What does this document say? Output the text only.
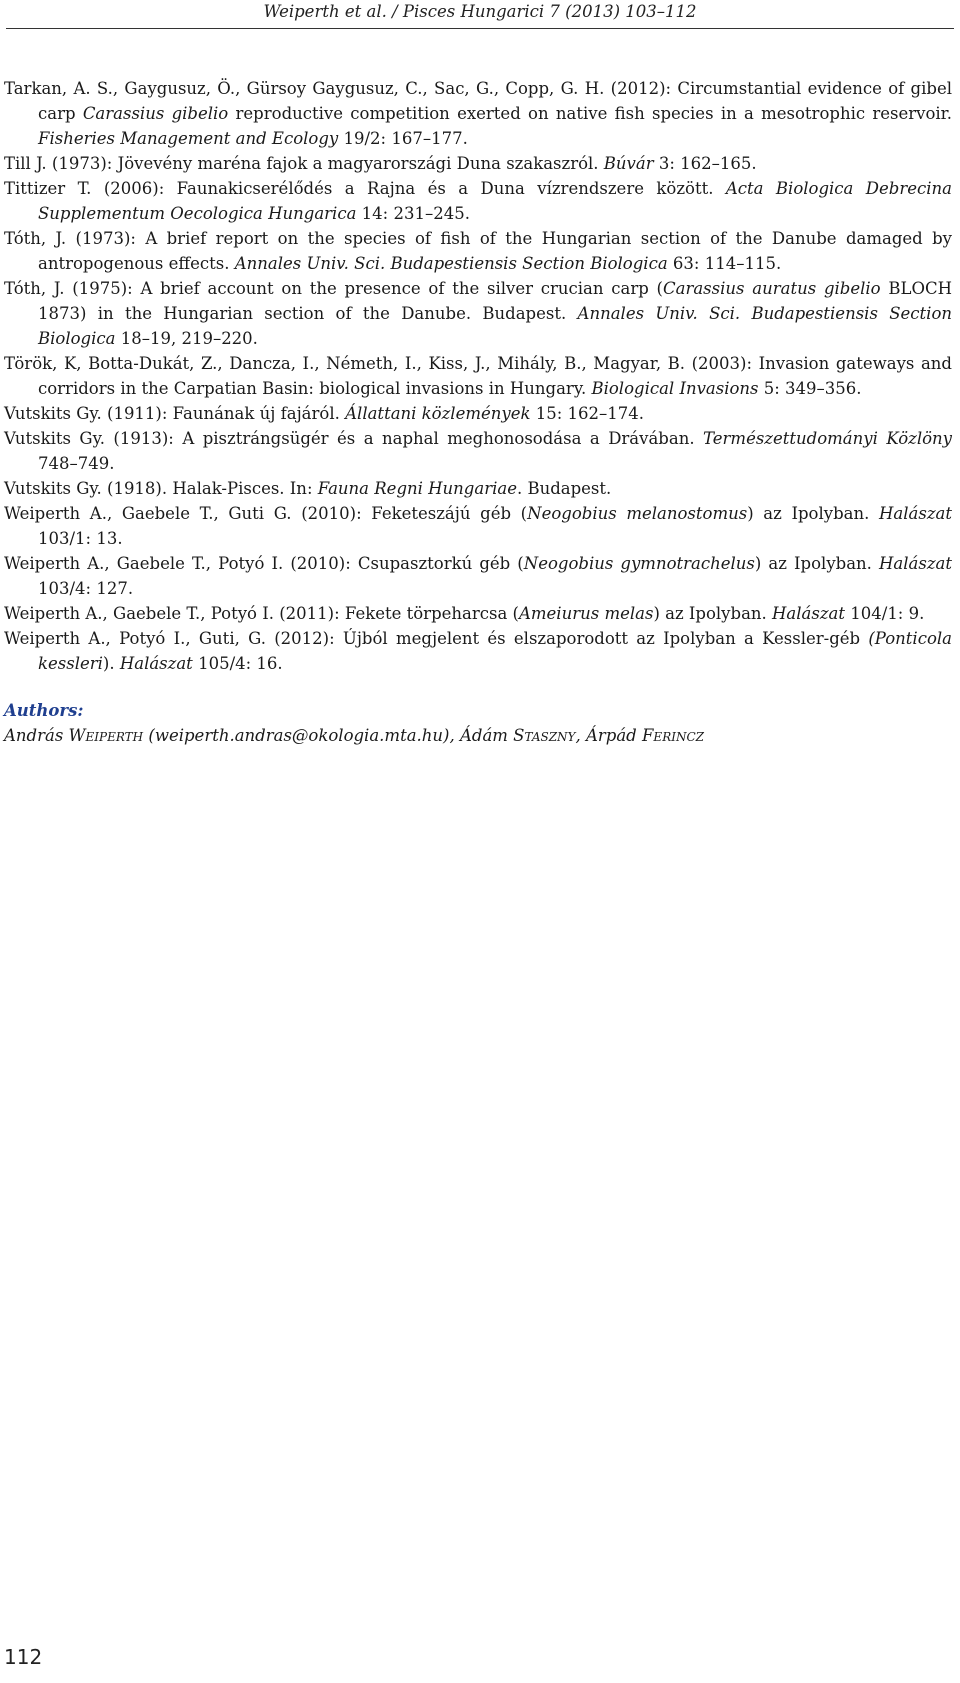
Weiperth et al. / Pisces Hungarici 7 (2013) 103–112
Tarkan, A. S., Gaygusuz, Ö., Gürsoy Gaygusuz, C., Sac, G., Copp, G. H. (2012): Circumstantial evidence of gibel carp Carassius gibelio reproductive competition exerted on native fish species in a mesotrophic reservoir. Fisheries Management and Ecology 19/2: 167–177.
Till J. (1973): Jövevény maréna fajok a magyarországi Duna szakaszról. Búvár 3: 162–165.
Tittizer T. (2006): Faunakicserélődés a Rajna és a Duna vízrendszere között. Acta Biologica Debrecina Supplementum Oecologica Hungarica 14: 231–245.
Tóth, J. (1973): A brief report on the species of fish of the Hungarian section of the Danube damaged by antropogenous effects. Annales Univ. Sci. Budapestiensis Section Biologica 63: 114–115.
Tóth, J. (1975): A brief account on the presence of the silver crucian carp (Carassius auratus gibelio BLOCH 1873) in the Hungarian section of the Danube. Budapest. Annales Univ. Sci. Budapestiensis Section Biologica 18–19, 219–220.
Török, K, Botta-Dukát, Z., Dancza, I., Németh, I., Kiss, J., Mihály, B., Magyar, B. (2003): Invasion gateways and corridors in the Carpatian Basin: biological invasions in Hungary. Biological Invasions 5: 349–356.
Vutskits Gy. (1911): Faunának új fajáról. Állattani közlemények 15: 162–174.
Vutskits Gy. (1913): A pisztrángsügér és a naphal meghonosodása a Drávában. Természettudományi Közlöny 748–749.
Vutskits Gy. (1918). Halak-Pisces. In: Fauna Regni Hungariae. Budapest.
Weiperth A., Gaebele T., Guti G. (2010): Feketeszájú géb (Neogobius melanostomus) az Ipolyban. Halászat 103/1: 13.
Weiperth A., Gaebele T., Potyó I. (2010): Csupasztorkú géb (Neogobius gymnotrachelus) az Ipolyban. Halászat 103/4: 127.
Weiperth A., Gaebele T., Potyó I. (2011): Fekete törpeharcsa (Ameiurus melas) az Ipolyban. Halászat 104/1: 9.
Weiperth A., Potyó I., Guti, G. (2012): Újból megjelent és elszaporodott az Ipolyban a Kessler-géb (Ponticola kessleri). Halászat 105/4: 16.
Authors:
András Weiperth (weiperth.andras@okologia.mta.hu), Ádám Staszny, Árpád Ferincz
112
